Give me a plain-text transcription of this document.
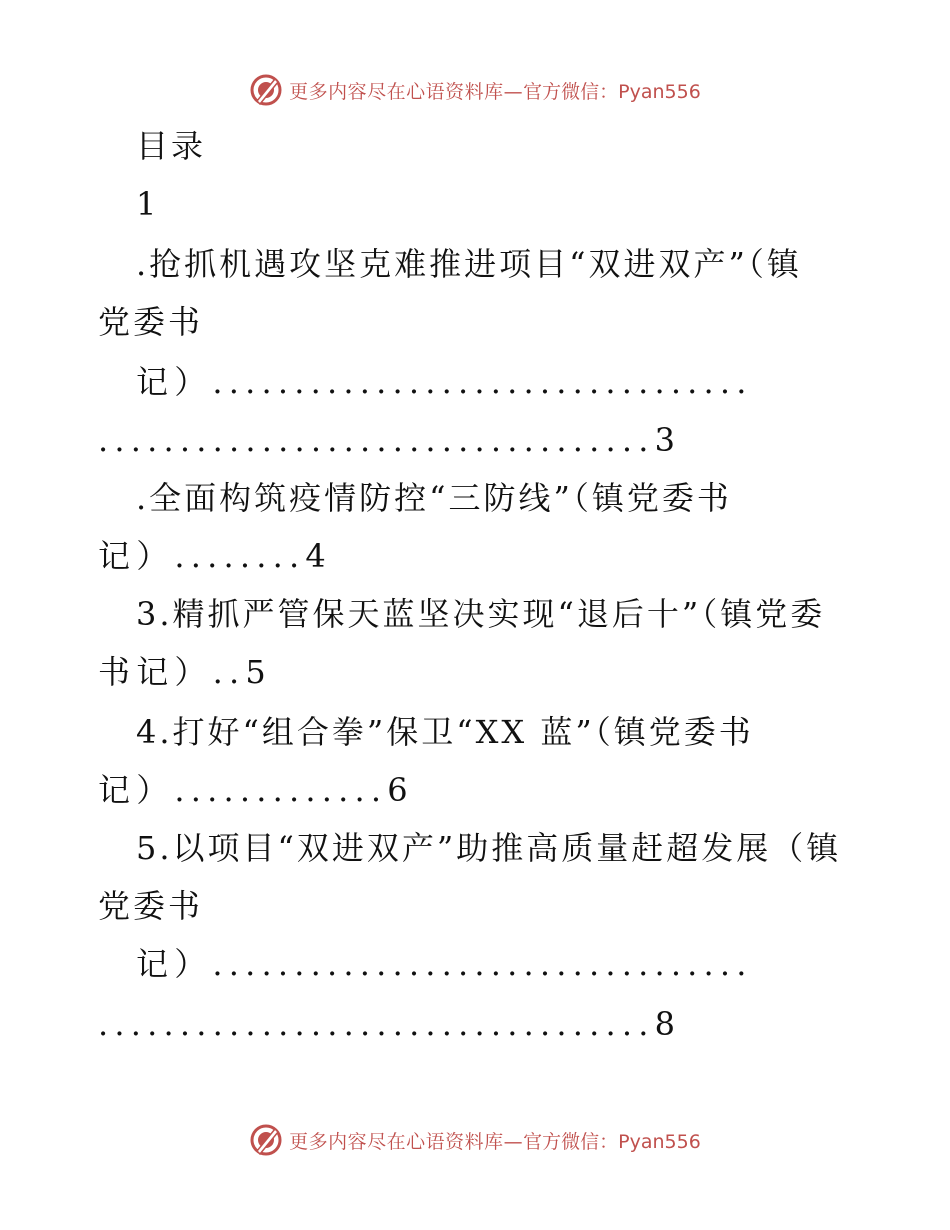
更多内容尽在心语资料库— 官方微信：Pyan556
目录
1
.抢抓机遇攻坚克难推进项目“双进双产”（镇
党委书
记）.................................
..................................3
.全面构筑疫情防控“三防线”（镇党委书
记）........4
3.精抓严管保天蓝坚决实现“退后十”（镇党委
书记）..5
4.打好“组合拳”保卫“XX 蓝”（镇党委书
记）.............6
5.以项目“双进双产”助推高质量赶超发展（镇
党委书
记）.................................
..................................8
更多内容尽在心语资料库— 官方微信：Pyan556
